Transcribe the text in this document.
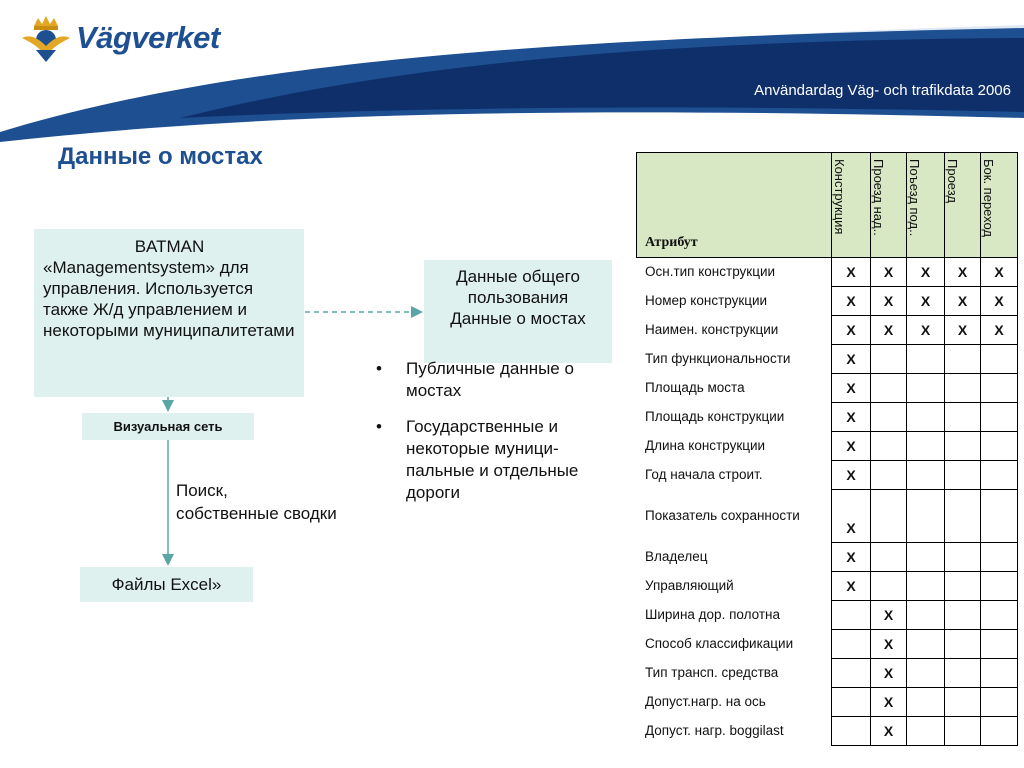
Vägverket
Användardag Väg- och trafikdata 2006
Данные о мостах
BATMAN
«Managementsystem» для управления. Используется также Ж/д управлением и некоторыми муниципалитетами
Данные общего пользования
Данные о мостах
Визуальная сеть
Поиск,
собственные сводки
Файлы Excel»
• Публичные данные о мостах
• Государственные и некоторые муници-пальные и отдельные дороги
Атрибут	Конструкция	Проезд над..	Поъезд под..	Проезд	Бок. переход
Осн.тип конструкции	X	X	X	X	X
Номер конструкции	X	X	X	X	X
Наимен. конструкции	X	X	X	X	X
Тип функциональности	X				
Площадь моста	X				
Площадь конструкции	X				
Длина конструкции	X				
Год начала строит.	X				
Показатель сохранности	X				
Владелец	X				
Управляющий	X				
Ширина дор. полотна		X			
Способ классификации		X			
Тип трансп. средства		X			
Допуст.нагр. на ось		X			
Допуст. нагр. boggilast		X			
